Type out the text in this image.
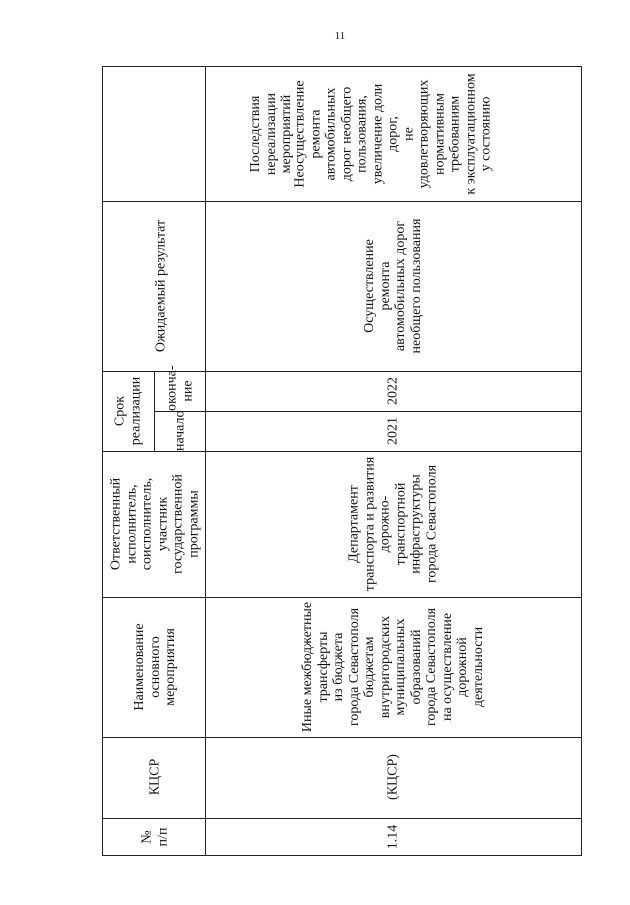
11
Последствия
нереализации
мероприятий
Ожидаемый результат
Срок
реализации оконча-
ние
начало
Ответственный
исполнитель,
соисполнитель,
участник
государственной
программы
Наименование
основного
мероприятия
КЦСР
№
п/п
Неосуществление
ремонта
автомобильных
дорог необщего
пользования,
увеличение доли
дорог,
не
удовлетворяющих
нормативным
требованиям
к эксплуатационном
у состоянию
Осуществление
ремонта
автомобильных дорог
необщего пользования
2022
2021
Департамент
транспорта и развития
дорожно-
транспортной
инфраструктуры
города Севастополя
Иные межбюджетные
трансферты
из бюджета
города Севастополя
бюджетам
внутригородских
муниципальных
образований
города Севастополя
на осуществление
дорожной
деятельности
(КЦСР)
1.14
